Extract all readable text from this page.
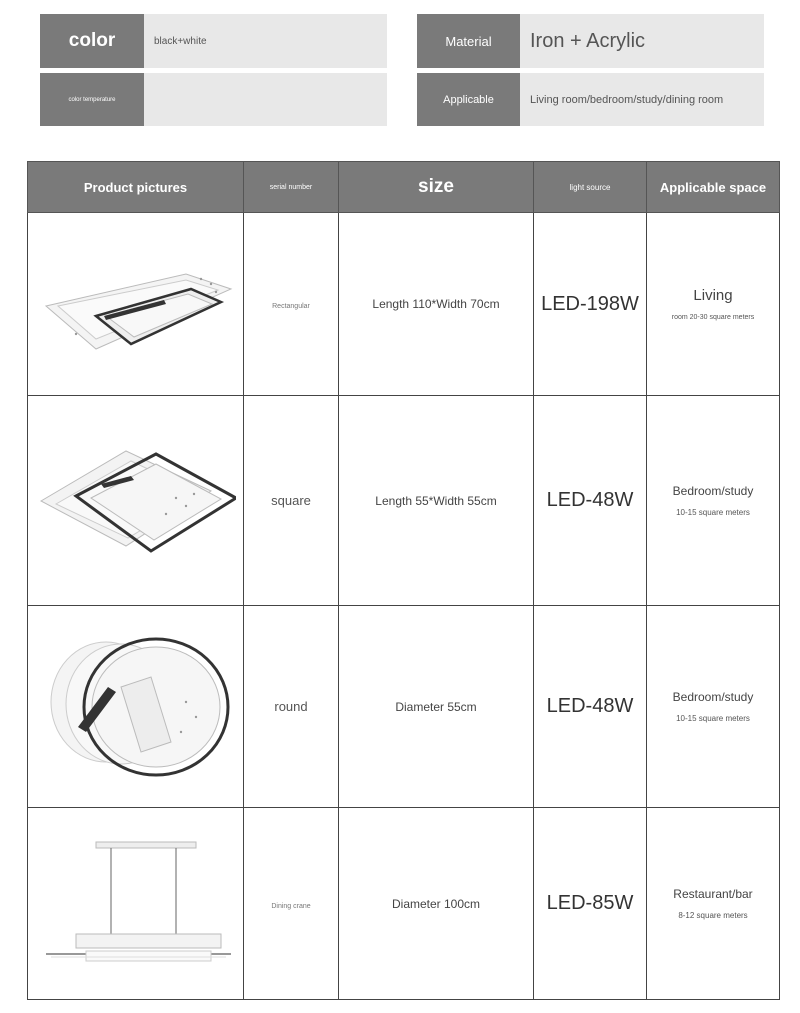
color	black+white
color temperature
Material	Iron + Acrylic
Applicable	Living room/bedroom/study/dining room
Product pictures	serial number	size	light source	Applicable space

	Rectangular	Length 110*Width 70cm	LED-198W	Living
room 20-30 square meters

	square	Length 55*Width 55cm	LED-48W	Bedroom/study
10-15 square meters

	round	Diameter 55cm	LED-48W	Bedroom/study
10-15 square meters

	Dining crane	Diameter 100cm	LED-85W	Restaurant/bar
8-12 square meters
